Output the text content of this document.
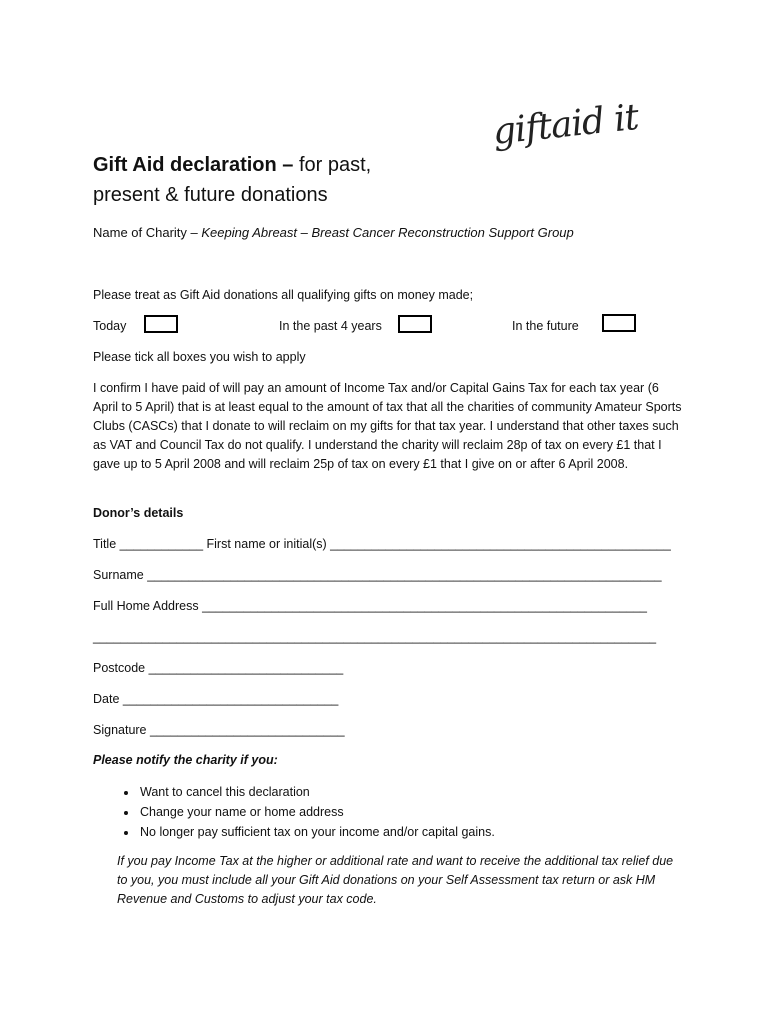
giftaid it
Gift Aid declaration – for past,
present & future donations
Name of Charity – Keeping Abreast – Breast Cancer Reconstruction Support Group
Please treat as Gift Aid donations all qualifying gifts on money made;
Today	In the past 4 years	In the future
Please tick all boxes you wish to apply
I confirm I have paid of will pay an amount of Income Tax and/or Capital Gains Tax for each tax year (6 April to 5 April) that is at least equal to the amount of tax that all the charities of community Amateur Sports Clubs (CASCs) that I donate to will reclaim on my gifts for that tax year. I understand that other taxes such as VAT and Council Tax do not qualify. I understand the charity will reclaim 28p of tax on every £1 that I gave up to 5 April 2008 and will reclaim 25p of tax on every £1 that I give on or after 6 April 2008.
Donor’s details
Title ____________ First name or initial(s) _________________________________________________
Surname __________________________________________________________________________
Full Home Address ________________________________________________________________
_________________________________________________________________________________
Postcode ____________________________
Date _______________________________
Signature ____________________________
Please notify the charity if you:
• Want to cancel this declaration
• Change your name or home address
• No longer pay sufficient tax on your income and/or capital gains.
If you pay Income Tax at the higher or additional rate and want to receive the additional tax relief due to you, you must include all your Gift Aid donations on your Self Assessment tax return or ask HM Revenue and Customs to adjust your tax code.
